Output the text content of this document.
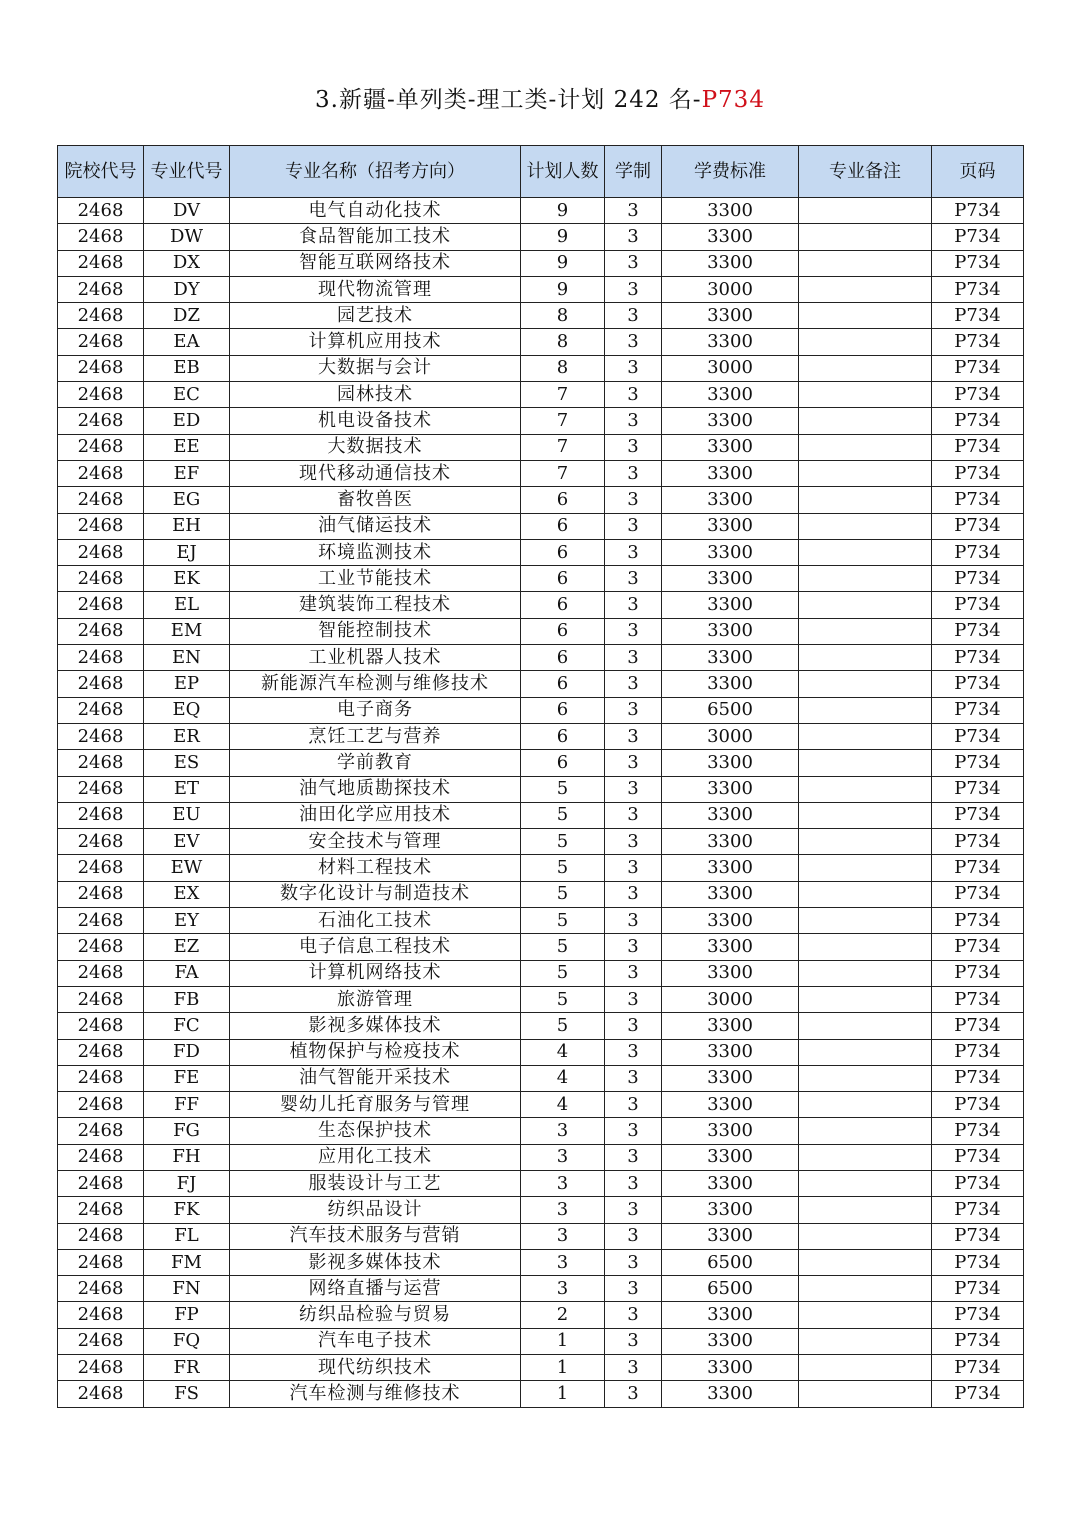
3.新疆-单列类-理工类-计划 242 名-P734
院校代号	专业代号	专业名称（招考方向）	计划人数	学制	学费标准	专业备注	页码
2468	DV	电气自动化技术	9	3	3300		P734
2468	DW	食品智能加工技术	9	3	3300		P734
2468	DX	智能互联网络技术	9	3	3300		P734
2468	DY	现代物流管理	9	3	3000		P734
2468	DZ	园艺技术	8	3	3300		P734
2468	EA	计算机应用技术	8	3	3300		P734
2468	EB	大数据与会计	8	3	3000		P734
2468	EC	园林技术	7	3	3300		P734
2468	ED	机电设备技术	7	3	3300		P734
2468	EE	大数据技术	7	3	3300		P734
2468	EF	现代移动通信技术	7	3	3300		P734
2468	EG	畜牧兽医	6	3	3300		P734
2468	EH	油气储运技术	6	3	3300		P734
2468	EJ	环境监测技术	6	3	3300		P734
2468	EK	工业节能技术	6	3	3300		P734
2468	EL	建筑装饰工程技术	6	3	3300		P734
2468	EM	智能控制技术	6	3	3300		P734
2468	EN	工业机器人技术	6	3	3300		P734
2468	EP	新能源汽车检测与维修技术	6	3	3300		P734
2468	EQ	电子商务	6	3	6500		P734
2468	ER	烹饪工艺与营养	6	3	3000		P734
2468	ES	学前教育	6	3	3300		P734
2468	ET	油气地质勘探技术	5	3	3300		P734
2468	EU	油田化学应用技术	5	3	3300		P734
2468	EV	安全技术与管理	5	3	3300		P734
2468	EW	材料工程技术	5	3	3300		P734
2468	EX	数字化设计与制造技术	5	3	3300		P734
2468	EY	石油化工技术	5	3	3300		P734
2468	EZ	电子信息工程技术	5	3	3300		P734
2468	FA	计算机网络技术	5	3	3300		P734
2468	FB	旅游管理	5	3	3000		P734
2468	FC	影视多媒体技术	5	3	3300		P734
2468	FD	植物保护与检疫技术	4	3	3300		P734
2468	FE	油气智能开采技术	4	3	3300		P734
2468	FF	婴幼儿托育服务与管理	4	3	3300		P734
2468	FG	生态保护技术	3	3	3300		P734
2468	FH	应用化工技术	3	3	3300		P734
2468	FJ	服装设计与工艺	3	3	3300		P734
2468	FK	纺织品设计	3	3	3300		P734
2468	FL	汽车技术服务与营销	3	3	3300		P734
2468	FM	影视多媒体技术	3	3	6500		P734
2468	FN	网络直播与运营	3	3	6500		P734
2468	FP	纺织品检验与贸易	2	3	3300		P734
2468	FQ	汽车电子技术	1	3	3300		P734
2468	FR	现代纺织技术	1	3	3300		P734
2468	FS	汽车检测与维修技术	1	3	3300		P734
